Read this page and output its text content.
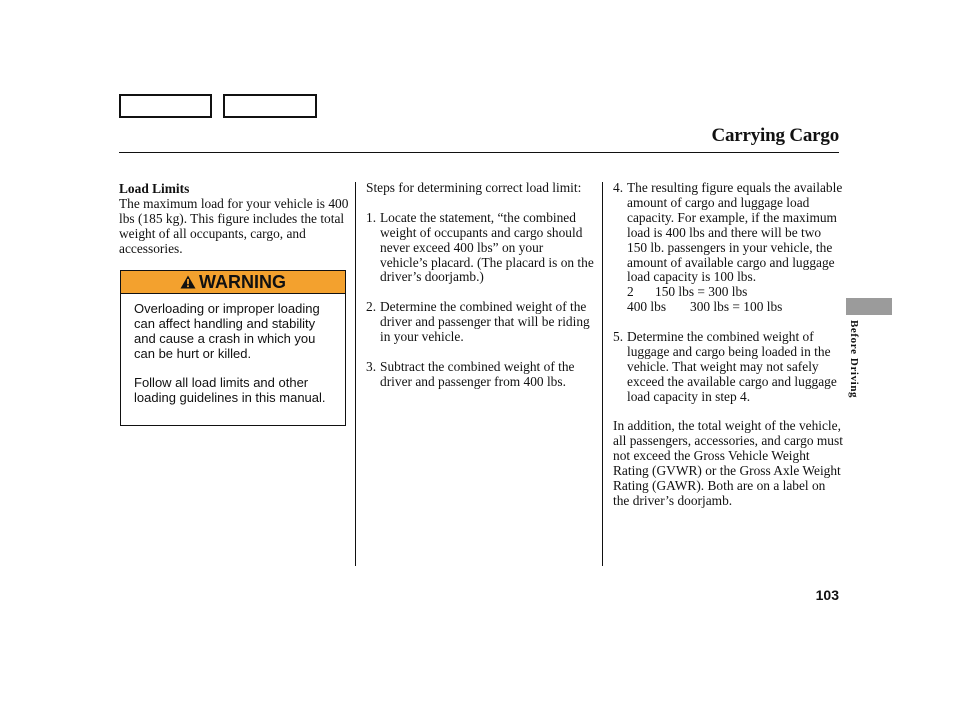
Carrying Cargo

Load Limits

The maximum load for your vehicle is 400 lbs (185 kg). This figure includes the total weight of all occupants, cargo, and accessories.

WARNING

Overloading or improper loading can affect handling and stability and cause a crash in which you can be hurt or killed.

Follow all load limits and other loading guidelines in this manual.

Steps for determining correct load limit:

1. Locate the statement, “the combined weight of occupants and cargo should never exceed 400 lbs” on your vehicle’s placard. (The placard is on the driver’s doorjamb.)
2. Determine the combined weight of the driver and passenger that will be riding in your vehicle.
3. Subtract the combined weight of the driver and passenger from 400 lbs.
4. The resulting figure equals the available amount of cargo and luggage load capacity. For example, if the maximum load is 400 lbs and there will be two 150 lb. passengers in your vehicle, the amount of available cargo and luggage load capacity is 100 lbs.
2 150 lbs = 300 lbs
400 lbs 300 lbs = 100 lbs
5. Determine the combined weight of luggage and cargo being loaded in the vehicle. That weight may not safely exceed the available cargo and luggage load capacity in step 4.

In addition, the total weight of the vehicle, all passengers, accessories, and cargo must not exceed the Gross Vehicle Weight Rating (GVWR) or the Gross Axle Weight Rating (GAWR). Both are on a label on the driver’s doorjamb.

Before Driving
103
